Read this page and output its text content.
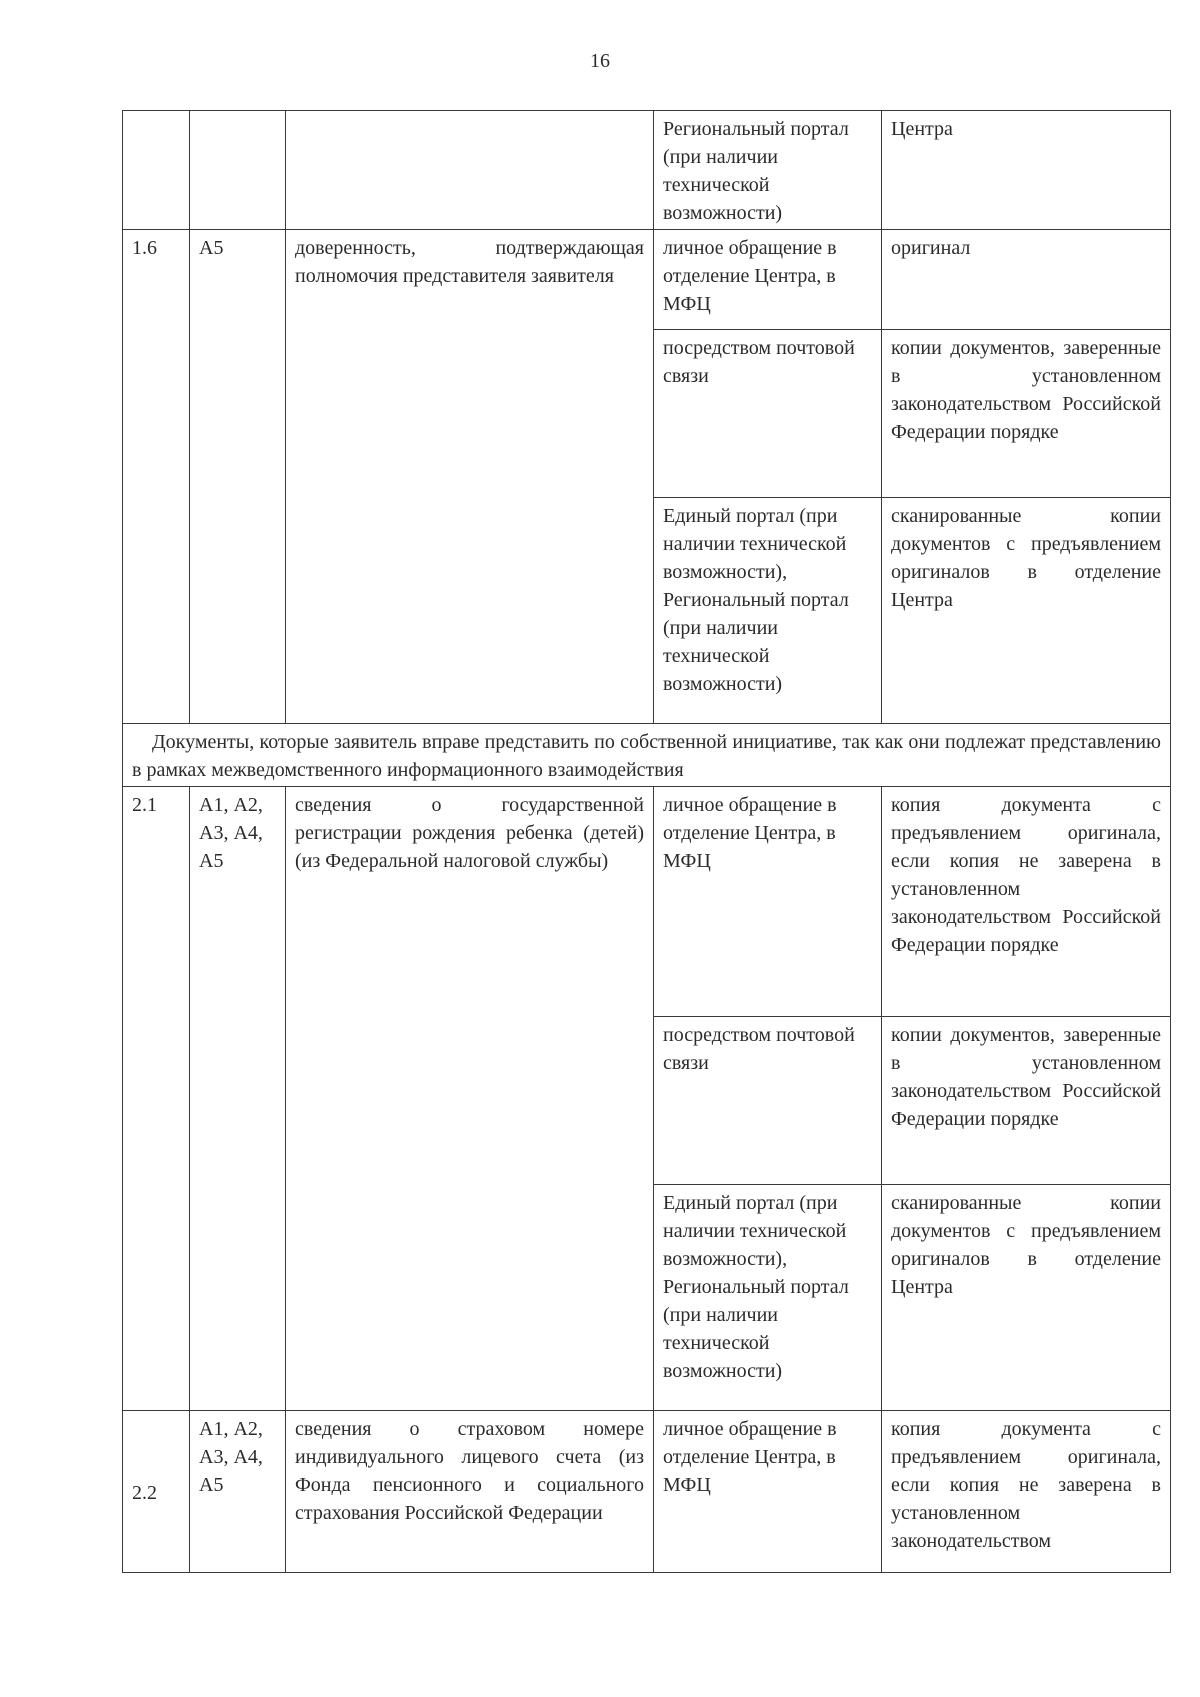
16
			Региональный портал (при наличии технической возможности)	Центра
1.6	А5	доверенность, подтверждающая полномочия представителя заявителя	личное обращение в отделение Центра, в МФЦ	оригинал
			посредством почтовой связи	копии документов, заверенные в установленном законодательством Российской Федерации порядке
			Единый портал (при наличии технической возможности), Региональный портал (при наличии технической возможности)	сканированные копии документов с предъявлением оригиналов в отделение Центра
Документы, которые заявитель вправе представить по собственной инициативе, так как они подлежат представлению в рамках межведомственного информационного взаимодействия				
2.1	А1, А2, А3, А4, А5	сведения о государственной регистрации рождения ребенка (детей) (из Федеральной налоговой службы)	личное обращение в отделение Центра, в МФЦ	копия документа с предъявлением оригинала, если копия не заверена в установленном законодательством Российской Федерации порядке
			посредством почтовой связи	копии документов, заверенные в установленном законодательством Российской Федерации порядке
			Единый портал (при наличии технической возможности), Региональный портал (при наличии технической возможности)	сканированные копии документов с предъявлением оригиналов в отделение Центра
2.2	А1, А2, А3, А4, А5	сведения о страховом номере индивидуального лицевого счета (из Фонда пенсионного и социального страхования Российской Федерации	личное обращение в отделение Центра, в МФЦ	копия документа с предъявлением оригинала, если копия не заверена в установленном законодательством
